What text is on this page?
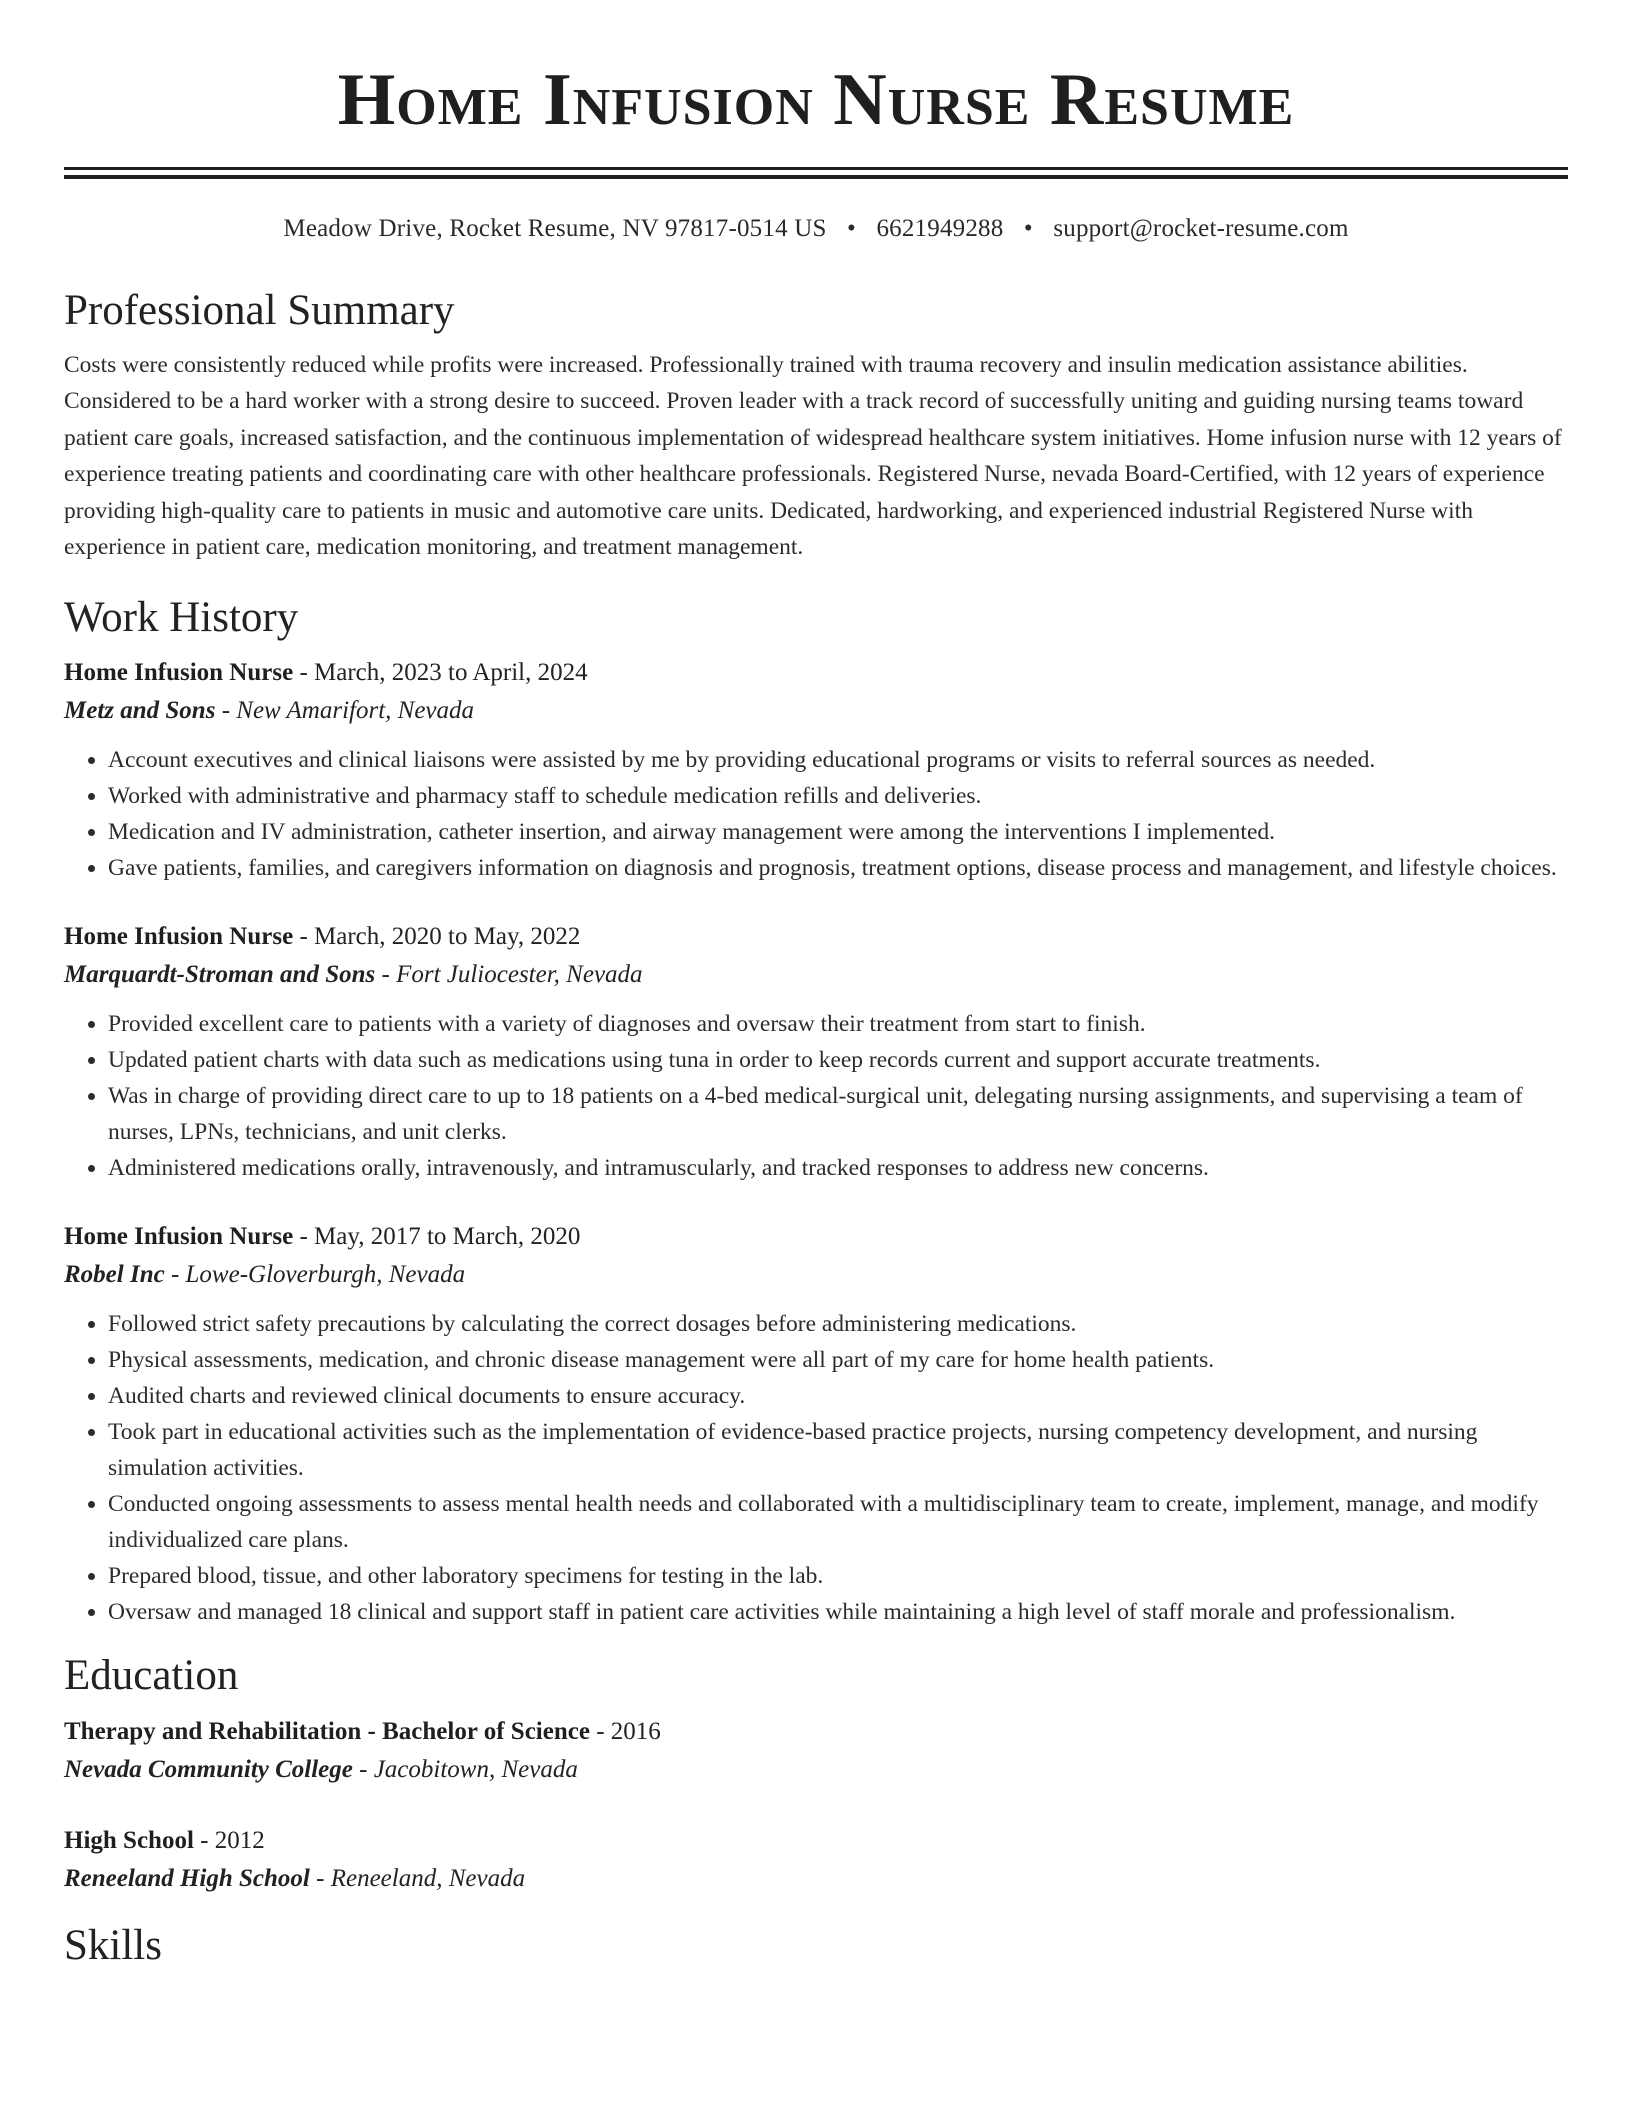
Home Infusion Nurse Resume
Meadow Drive, Rocket Resume, NV 97817-0514 US • 6621949288 • support@rocket-resume.com
Professional Summary

Costs were consistently reduced while profits were increased. Professionally trained with trauma recovery and insulin medication assistance abilities. Considered to be a hard worker with a strong desire to succeed. Proven leader with a track record of successfully uniting and guiding nursing teams toward patient care goals, increased satisfaction, and the continuous implementation of widespread healthcare system initiatives. Home infusion nurse with 12 years of experience treating patients and coordinating care with other healthcare professionals. Registered Nurse, nevada Board-Certified, with 12 years of experience providing high-quality care to patients in music and automotive care units. Dedicated, hardworking, and experienced industrial Registered Nurse with experience in patient care, medication monitoring, and treatment management.

Work History
Home Infusion Nurse - March, 2023 to April, 2024
Metz and Sons - New Amarifort, Nevada
• Account executives and clinical liaisons were assisted by me by providing educational programs or visits to referral sources as needed.
• Worked with administrative and pharmacy staff to schedule medication refills and deliveries.
• Medication and IV administration, catheter insertion, and airway management were among the interventions I implemented.
• Gave patients, families, and caregivers information on diagnosis and prognosis, treatment options, disease process and management, and lifestyle choices.
Home Infusion Nurse - March, 2020 to May, 2022
Marquardt-Stroman and Sons - Fort Juliocester, Nevada
• Provided excellent care to patients with a variety of diagnoses and oversaw their treatment from start to finish.
• Updated patient charts with data such as medications using tuna in order to keep records current and support accurate treatments.
• Was in charge of providing direct care to up to 18 patients on a 4-bed medical-surgical unit, delegating nursing assignments, and supervising a team of nurses, LPNs, technicians, and unit clerks.
• Administered medications orally, intravenously, and intramuscularly, and tracked responses to address new concerns.
Home Infusion Nurse - May, 2017 to March, 2020
Robel Inc - Lowe-Gloverburgh, Nevada
• Followed strict safety precautions by calculating the correct dosages before administering medications.
• Physical assessments, medication, and chronic disease management were all part of my care for home health patients.
• Audited charts and reviewed clinical documents to ensure accuracy.
• Took part in educational activities such as the implementation of evidence-based practice projects, nursing competency development, and nursing simulation activities.
• Conducted ongoing assessments to assess mental health needs and collaborated with a multidisciplinary team to create, implement, manage, and modify individualized care plans.
• Prepared blood, tissue, and other laboratory specimens for testing in the lab.
• Oversaw and managed 18 clinical and support staff in patient care activities while maintaining a high level of staff morale and professionalism.
Education
Therapy and Rehabilitation - Bachelor of Science - 2016
Nevada Community College - Jacobitown, Nevada
High School - 2012
Reneeland High School - Reneeland, Nevada
Skills
